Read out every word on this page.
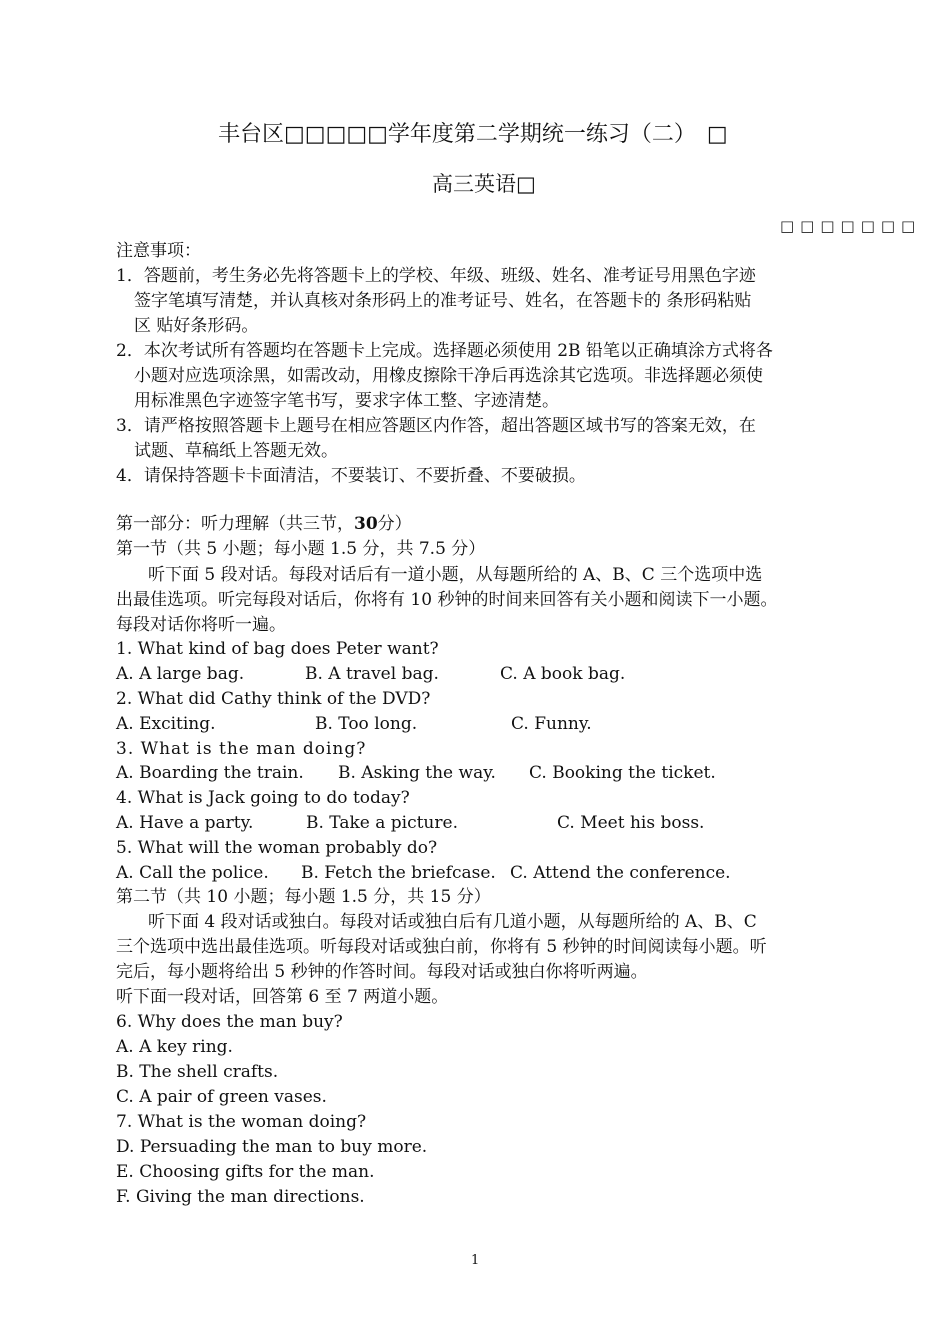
丰台区□□□□□学年度第二学期统一练习（二）　□
高三英语□
□□□□□□□
注意事项：
1．答题前，考生务必先将答题卡上的学校、年级、班级、姓名、准考证号用黑色字迹
签字笔填写清楚，并认真核对条形码上的准考证号、姓名，在答题卡的 条形码粘贴
区 贴好条形码。
2．本次考试所有答题均在答题卡上完成。选择题必须使用 2B 铅笔以正确填涂方式将各
小题对应选项涂黑，如需改动，用橡皮擦除干净后再选涂其它选项。非选择题必须使
用标准黑色字迹签字笔书写，要求字体工整、字迹清楚。
3．请严格按照答题卡上题号在相应答题区内作答，超出答题区域书写的答案无效，在
试题、草稿纸上答题无效。
4．请保持答题卡卡面清洁，不要装订、不要折叠、不要破损。
第一部分：听力理解（共三节，30分）
第一节（共 5 小题；每小题 1.5 分，共 7.5 分）
听下面 5 段对话。每段对话后有一道小题，从每题所给的 A、B、C 三个选项中选
出最佳选项。听完每段对话后，你将有 10 秒钟的时间来回答有关小题和阅读下一小题。
每段对话你将听一遍。
1. What kind of bag does Peter want?
A. A large bag.	B. A travel bag.	C. A book bag.
2. What did Cathy think of the DVD?
A. Exciting.	B. Too long.	C. Funny.
3. What is the man doing?
A. Boarding the train. B. Asking the way. C. Booking the ticket.
4. What is Jack going to do today?
A. Have a party.	B. Take a picture.	C. Meet his boss.
5. What will the woman probably do?
A. Call the police. B. Fetch the briefcase. C. Attend the conference.
第二节（共 10 小题；每小题 1.5 分，共 15 分）
听下面 4 段对话或独白。每段对话或独白后有几道小题，从每题所给的 A、B、C
三个选项中选出最佳选项。听每段对话或独白前，你将有 5 秒钟的时间阅读每小题。听
完后，每小题将给出 5 秒钟的作答时间。每段对话或独白你将听两遍。
听下面一段对话，回答第 6 至 7 两道小题。
6. Why does the man buy?
A. A key ring.
B. The shell crafts.
C. A pair of green vases.
7. What is the woman doing?
D. Persuading the man to buy more.
E. Choosing gifts for the man.
F. Giving the man directions.
1
